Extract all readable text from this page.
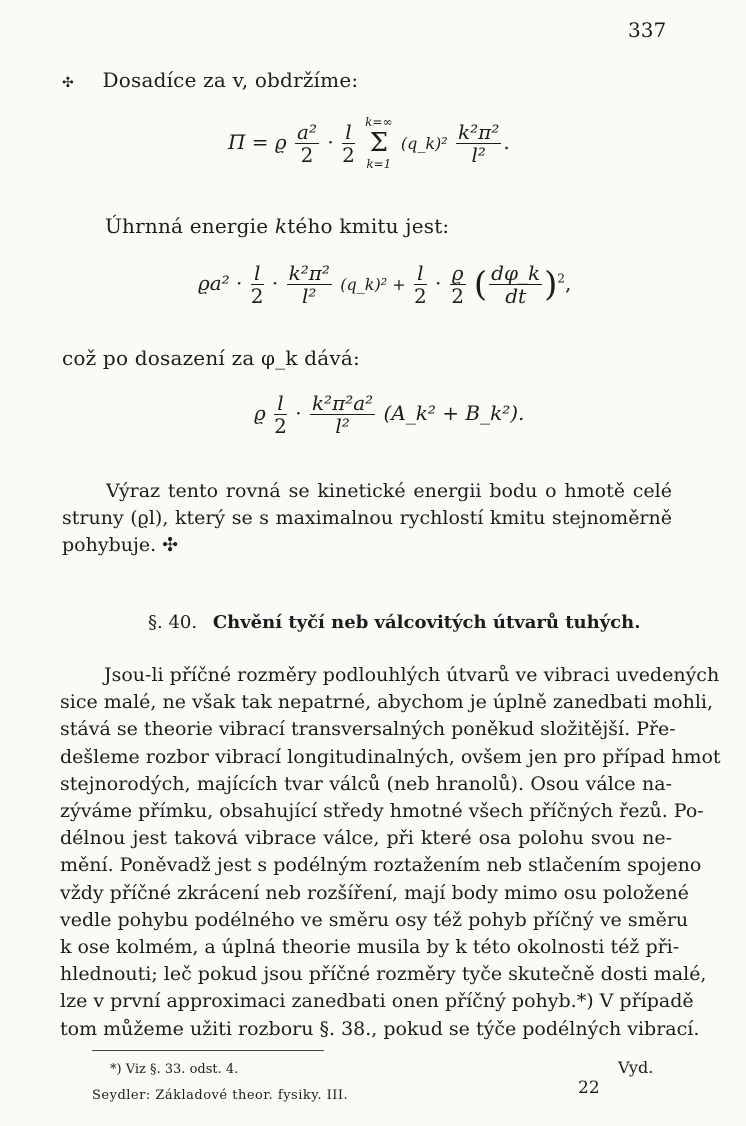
337
✣ Dosadíce za v, obdržíme:
Π = ϱ $\frac{\text{a²}}{2} \cdot \frac{l}{2}$
k=∞
Σ
k=1
(q_k)² $\frac{\text{k²π²}}{\text{l²}}$ .
Úhrnná energie ktého kmitu jest:
$ϱa^2 \cdot \frac{l}{2} \cdot \frac{\text{k²π²}}{\text{l²}}$ (q_k)² + $\frac{l}{2} \cdot \frac{ϱ}{2}$ ( $\frac{d\varphi\_k}{dt} )^2$,
což po dosazení za φ_k dává:
ϱ $\frac{l}{2} \cdot \frac{\text{k²π²a²}}{\text{l²}}$ (A_k² + B_k²).

Výraz tento rovná se kinetické energii bodu o hmotě celé

struny (ϱl), který se s maximalnou rychlostí kmitu stejnoměrně

pohybuje. ✣

§. 40. Chvění tyčí neb válcovitých útvarů tuhých.

Jsou-li příčné rozměry podlouhlých útvarů ve vibraci uvedených

sice malé, ne však tak nepatrné, abychom je úplně zanedbati mohli,

stává se theorie vibrací transversalných poněkud složitější. Pře-

dešleme rozbor vibrací longitudinalných, ovšem jen pro případ hmot

stejnorodých, majících tvar válců (neb hranolů). Osou válce na-

zýváme přímku, obsahující středy hmotné všech příčných řezů. Po-

délnou jest taková vibrace válce, při které osa polohu svou ne-

mění. Poněvadž jest s podélným roztažením neb stlačením spojeno

vždy příčné zkrácení neb rozšíření, mají body mimo osu položené

vedle pohybu podélného ve směru osy též pohyb příčný ve směru

k ose kolmém, a úplná theorie musila by k této okolnosti též při-

hlednouti; leč pokud jsou příčné rozměry tyče skutečně dosti malé,

lze v první approximaci zanedbati onen příčný pohyb.*) V případě

tom můžeme užiti rozboru §. 38., pokud se týče podélných vibrací.

*) Viz §. 33. odst. 4.
Seydler: Základové theor. fysiky. III.	22
Vyd.
